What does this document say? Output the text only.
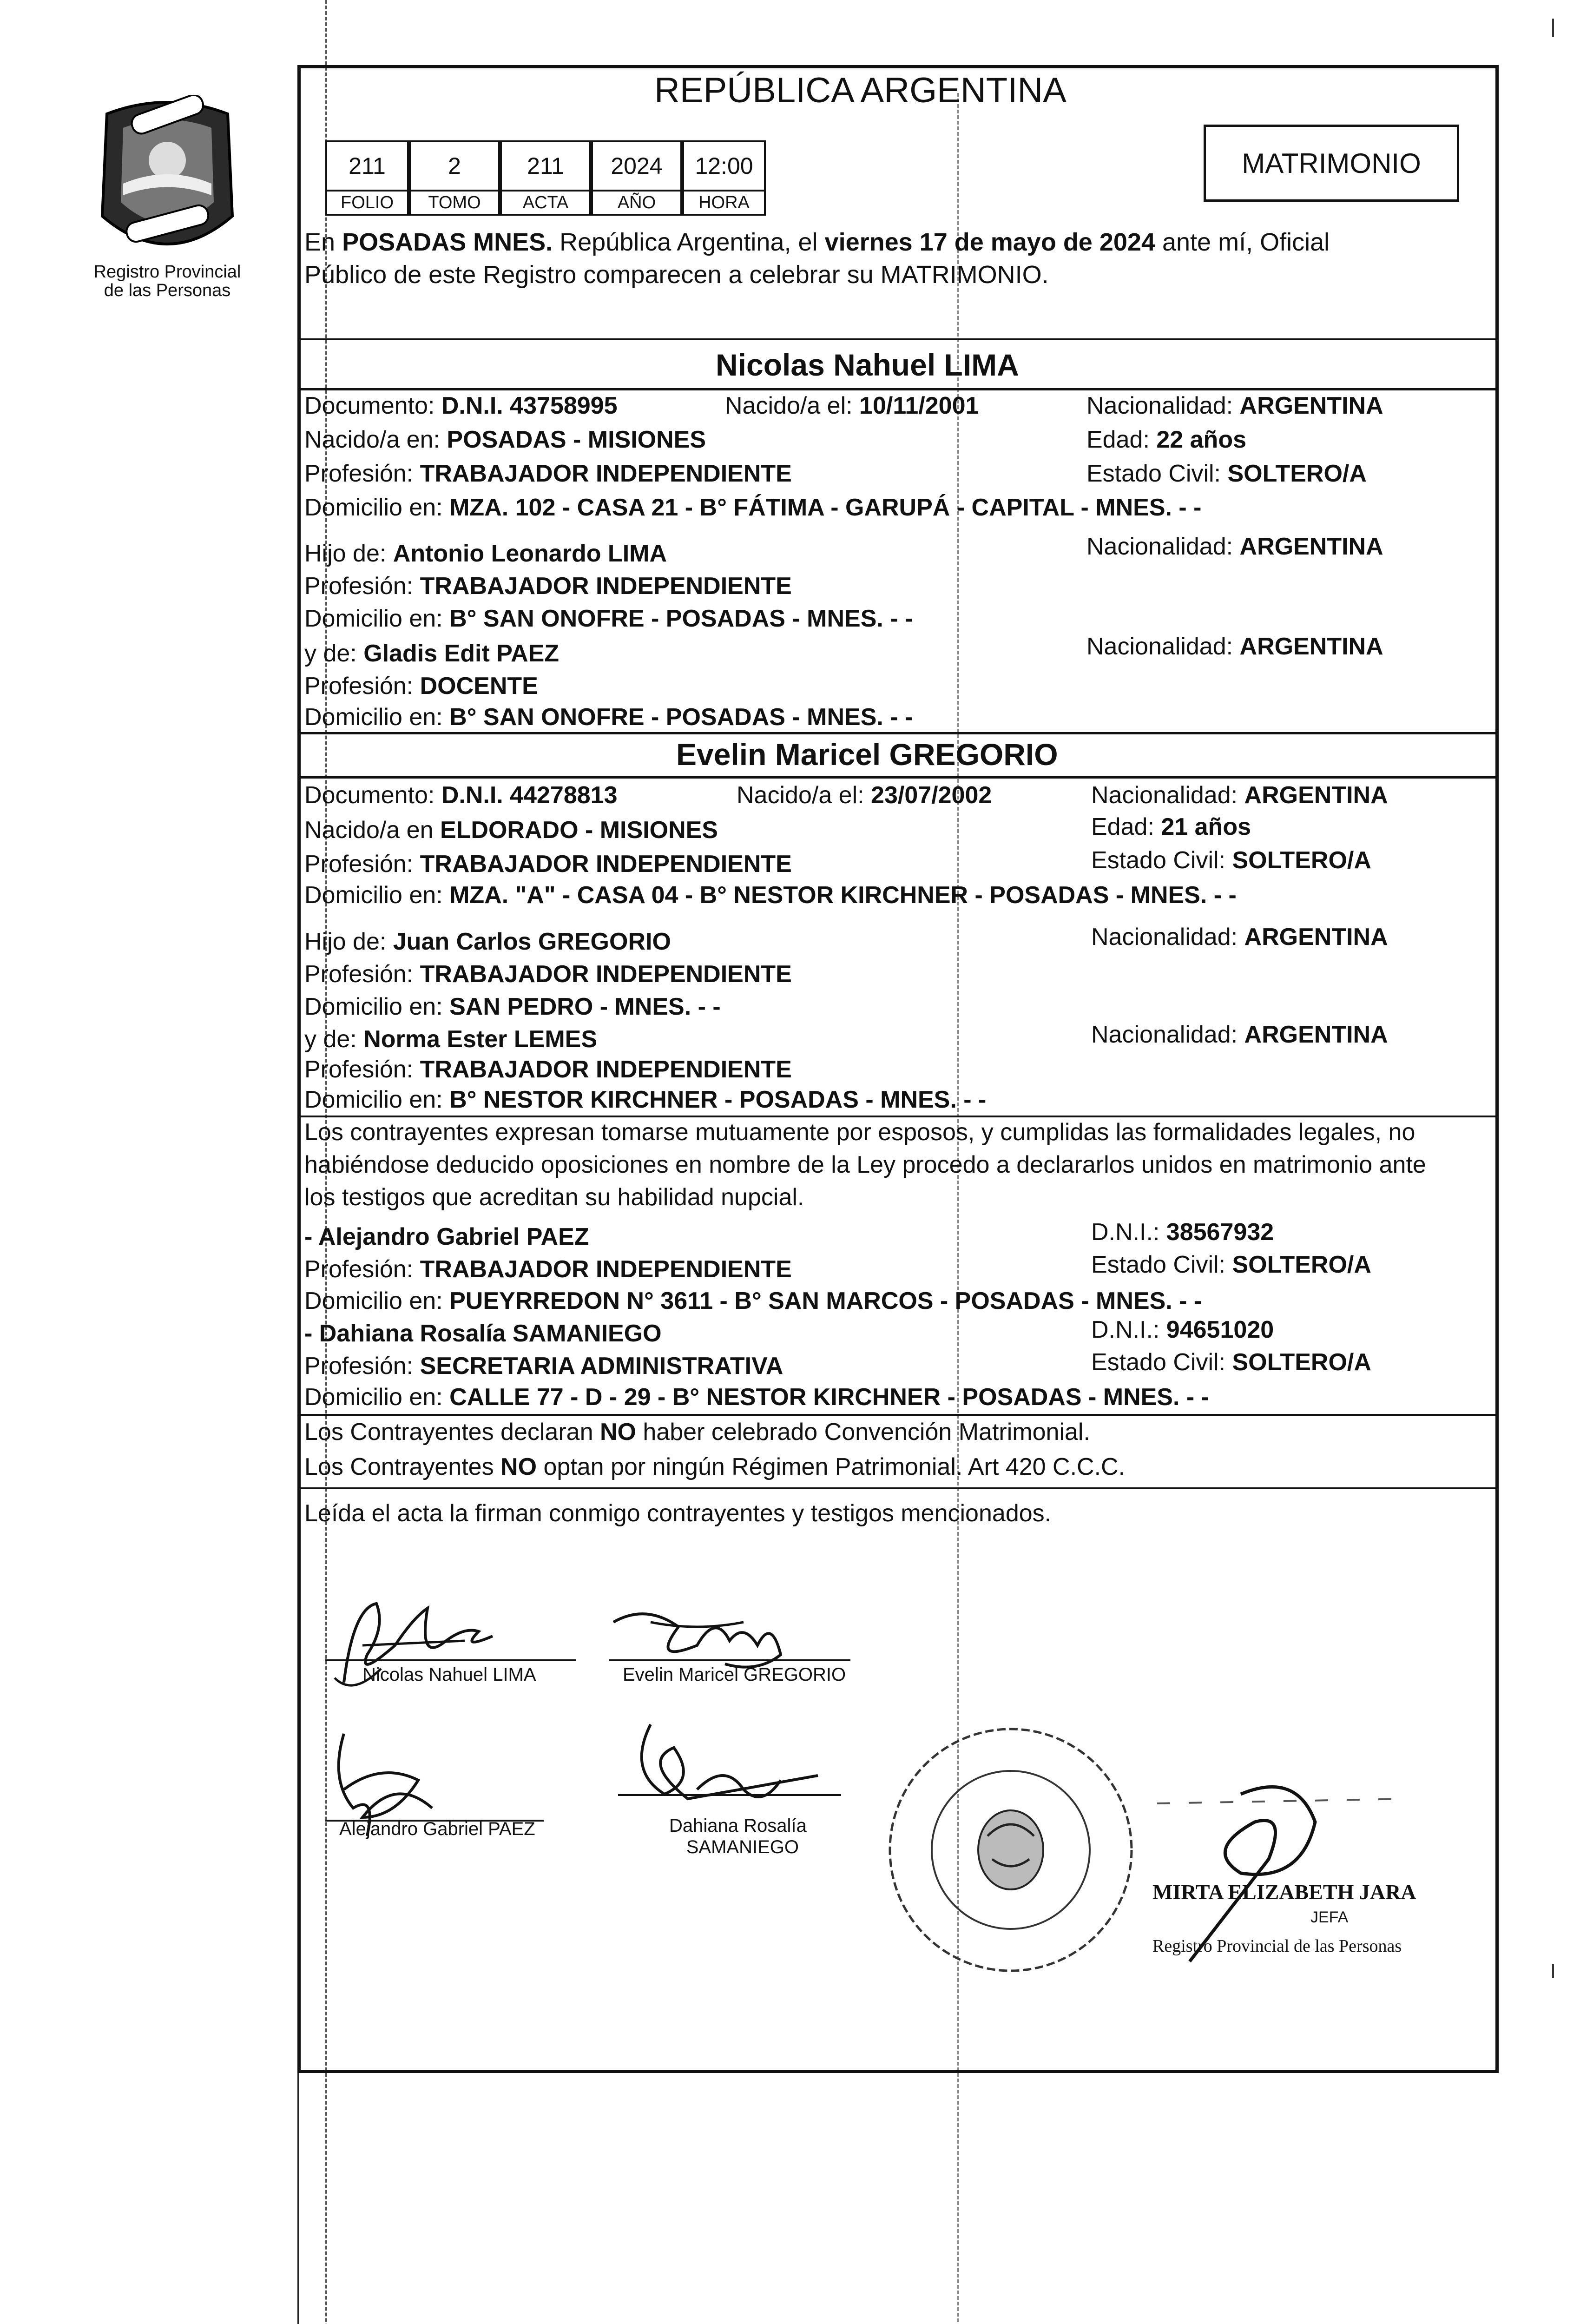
Registro Provincial
de las Personas
REPÚBLICA ARGENTINA
211	2	211	2024	12:00
FOLIO	TOMO	ACTA	AÑO	HORA
MATRIMONIO
En POSADAS MNES. República Argentina, el viernes 17 de mayo de 2024 ante mí, Oficial
Público de este Registro comparecen a celebrar su MATRIMONIO.
Nicolas Nahuel LIMA
Documento: D.N.I. 43758995	Nacido/a el: 10/11/2001	Nacionalidad: ARGENTINA
Nacido/a en: POSADAS - MISIONES	Edad: 22 años
Profesión: TRABAJADOR INDEPENDIENTE	Estado Civil: SOLTERO/A
Domicilio en: MZA. 102 - CASA 21 - B° FÁTIMA - GARUPÁ - CAPITAL - MNES. - -
Hijo de: Antonio Leonardo LIMA	Nacionalidad: ARGENTINA
Profesión: TRABAJADOR INDEPENDIENTE
Domicilio en: B° SAN ONOFRE - POSADAS - MNES. - -
y de: Gladis Edit PAEZ	Nacionalidad: ARGENTINA
Profesión: DOCENTE
Domicilio en: B° SAN ONOFRE - POSADAS - MNES. - -
Evelin Maricel GREGORIO
Documento: D.N.I. 44278813	Nacido/a el: 23/07/2002	Nacionalidad: ARGENTINA
Nacido/a en ELDORADO - MISIONES	Edad: 21 años
Profesión: TRABAJADOR INDEPENDIENTE	Estado Civil: SOLTERO/A
Domicilio en: MZA. "A" - CASA 04 - B° NESTOR KIRCHNER - POSADAS - MNES. - -
Hijo de: Juan Carlos GREGORIO	Nacionalidad: ARGENTINA
Profesión: TRABAJADOR INDEPENDIENTE
Domicilio en: SAN PEDRO - MNES. - -
y de: Norma Ester LEMES	Nacionalidad: ARGENTINA
Profesión: TRABAJADOR INDEPENDIENTE
Domicilio en: B° NESTOR KIRCHNER - POSADAS - MNES. - -
Los contrayentes expresan tomarse mutuamente por esposos, y cumplidas las formalidades legales, no
habiéndose deducido oposiciones en nombre de la Ley procedo a declararlos unidos en matrimonio ante
los testigos que acreditan su habilidad nupcial.
- Alejandro Gabriel PAEZ	D.N.I.: 38567932
Profesión: TRABAJADOR INDEPENDIENTE	Estado Civil: SOLTERO/A
Domicilio en: PUEYRREDON N° 3611 - B° SAN MARCOS - POSADAS - MNES. - -
- Dahiana Rosalía SAMANIEGO	D.N.I.: 94651020
Profesión: SECRETARIA ADMINISTRATIVA	Estado Civil: SOLTERO/A
Domicilio en: CALLE 77 - D - 29 - B° NESTOR KIRCHNER - POSADAS - MNES. - -
Los Contrayentes declaran NO haber celebrado Convención Matrimonial.
Los Contrayentes NO optan por ningún Régimen Patrimonial. Art 420 C.C.C.
Leída el acta la firman conmigo contrayentes y testigos mencionados.
Nicolas Nahuel LIMA	Evelin Maricel GREGORIO
Alejandro Gabriel PAEZ	Dahiana Rosalía
SAMANIEGO
MIRTA ELIZABETH JARA
JEFA
Registro Provincial de las Personas
